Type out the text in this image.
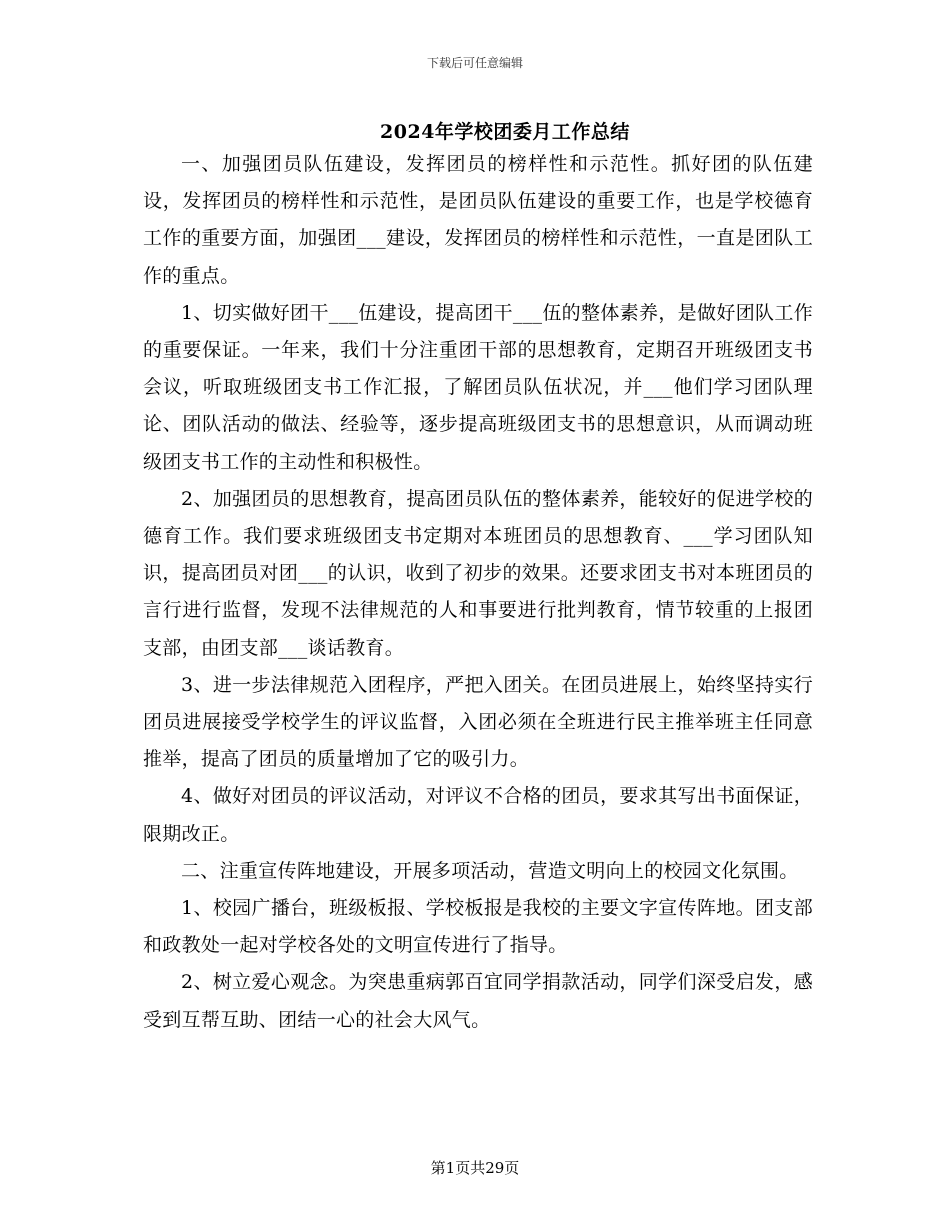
下载后可任意编辑
2024年学校团委月工作总结

一、加强团员队伍建设，发挥团员的榜样性和示范性。抓好团的队伍建设，发挥团员的榜样性和示范性，是团员队伍建设的重要工作，也是学校德育工作的重要方面，加强团___建设，发挥团员的榜样性和示范性，一直是团队工作的重点。

1、切实做好团干___伍建设，提高团干___伍的整体素养，是做好团队工作的重要保证。一年来，我们十分注重团干部的思想教育，定期召开班级团支书会议，听取班级团支书工作汇报，了解团员队伍状况，并___他们学习团队理论、团队活动的做法、经验等，逐步提高班级团支书的思想意识，从而调动班级团支书工作的主动性和积极性。

2、加强团员的思想教育，提高团员队伍的整体素养，能较好的促进学校的德育工作。我们要求班级团支书定期对本班团员的思想教育、___学习团队知识，提高团员对团___的认识，收到了初步的效果。还要求团支书对本班团员的言行进行监督，发现不法律规范的人和事要进行批判教育，情节较重的上报团支部，由团支部___谈话教育。

3、进一步法律规范入团程序，严把入团关。在团员进展上，始终坚持实行团员进展接受学校学生的评议监督，入团必须在全班进行民主推举班主任同意推举，提高了团员的质量增加了它的吸引力。

4、做好对团员的评议活动，对评议不合格的团员，要求其写出书面保证，限期改正。

二、注重宣传阵地建设，开展多项活动，营造文明向上的校园文化氛围。

1、校园广播台，班级板报、学校板报是我校的主要文字宣传阵地。团支部和政教处一起对学校各处的文明宣传进行了指导。

2、树立爱心观念。为突患重病郭百宜同学捐款活动，同学们深受启发，感受到互帮互助、团结一心的社会大风气。

第1页共29页
